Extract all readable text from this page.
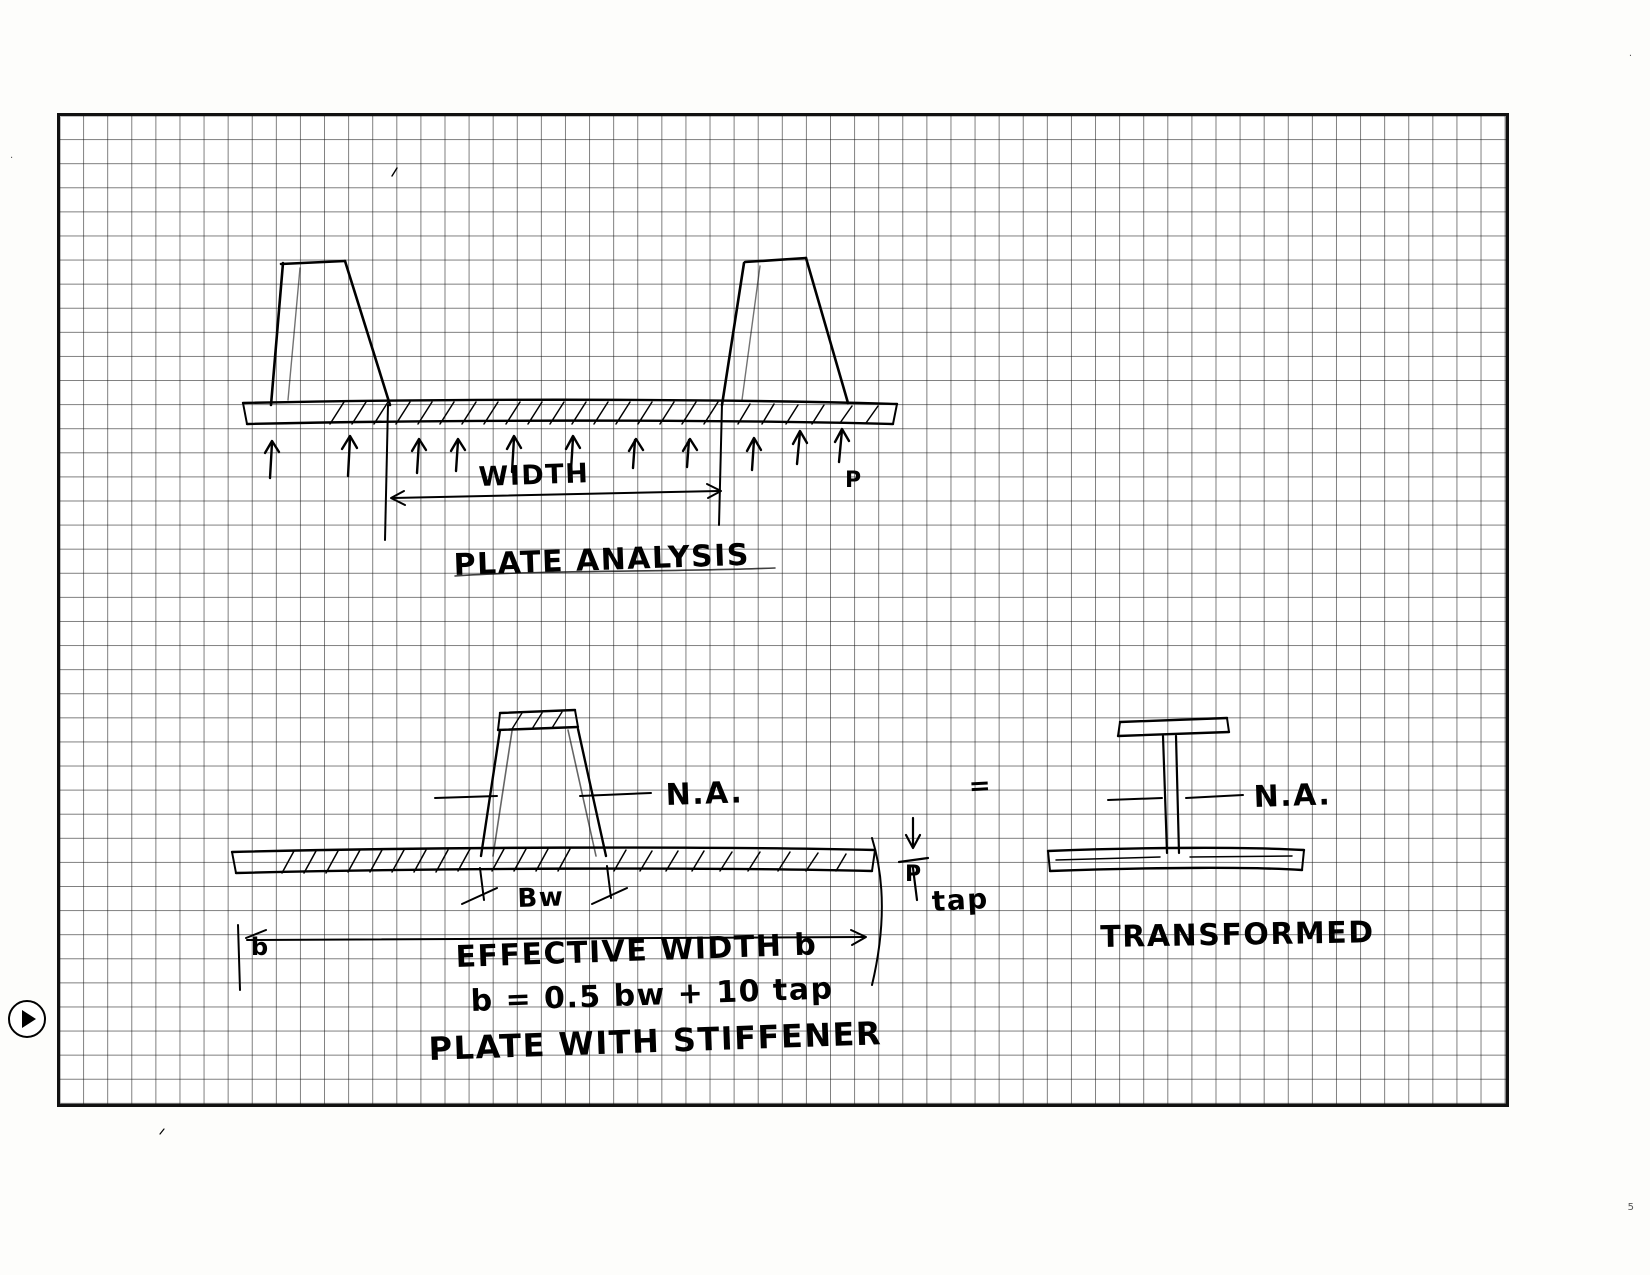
WIDTH	P
PLATE ANALYSIS
N.A.
Bw	tap
P
=	N.A.
TRANSFORMED
b	EFFECTIVE WIDTH b
b = 0.5 bw + 10 tap
PLATE WITH STIFFENER
.
5
.
